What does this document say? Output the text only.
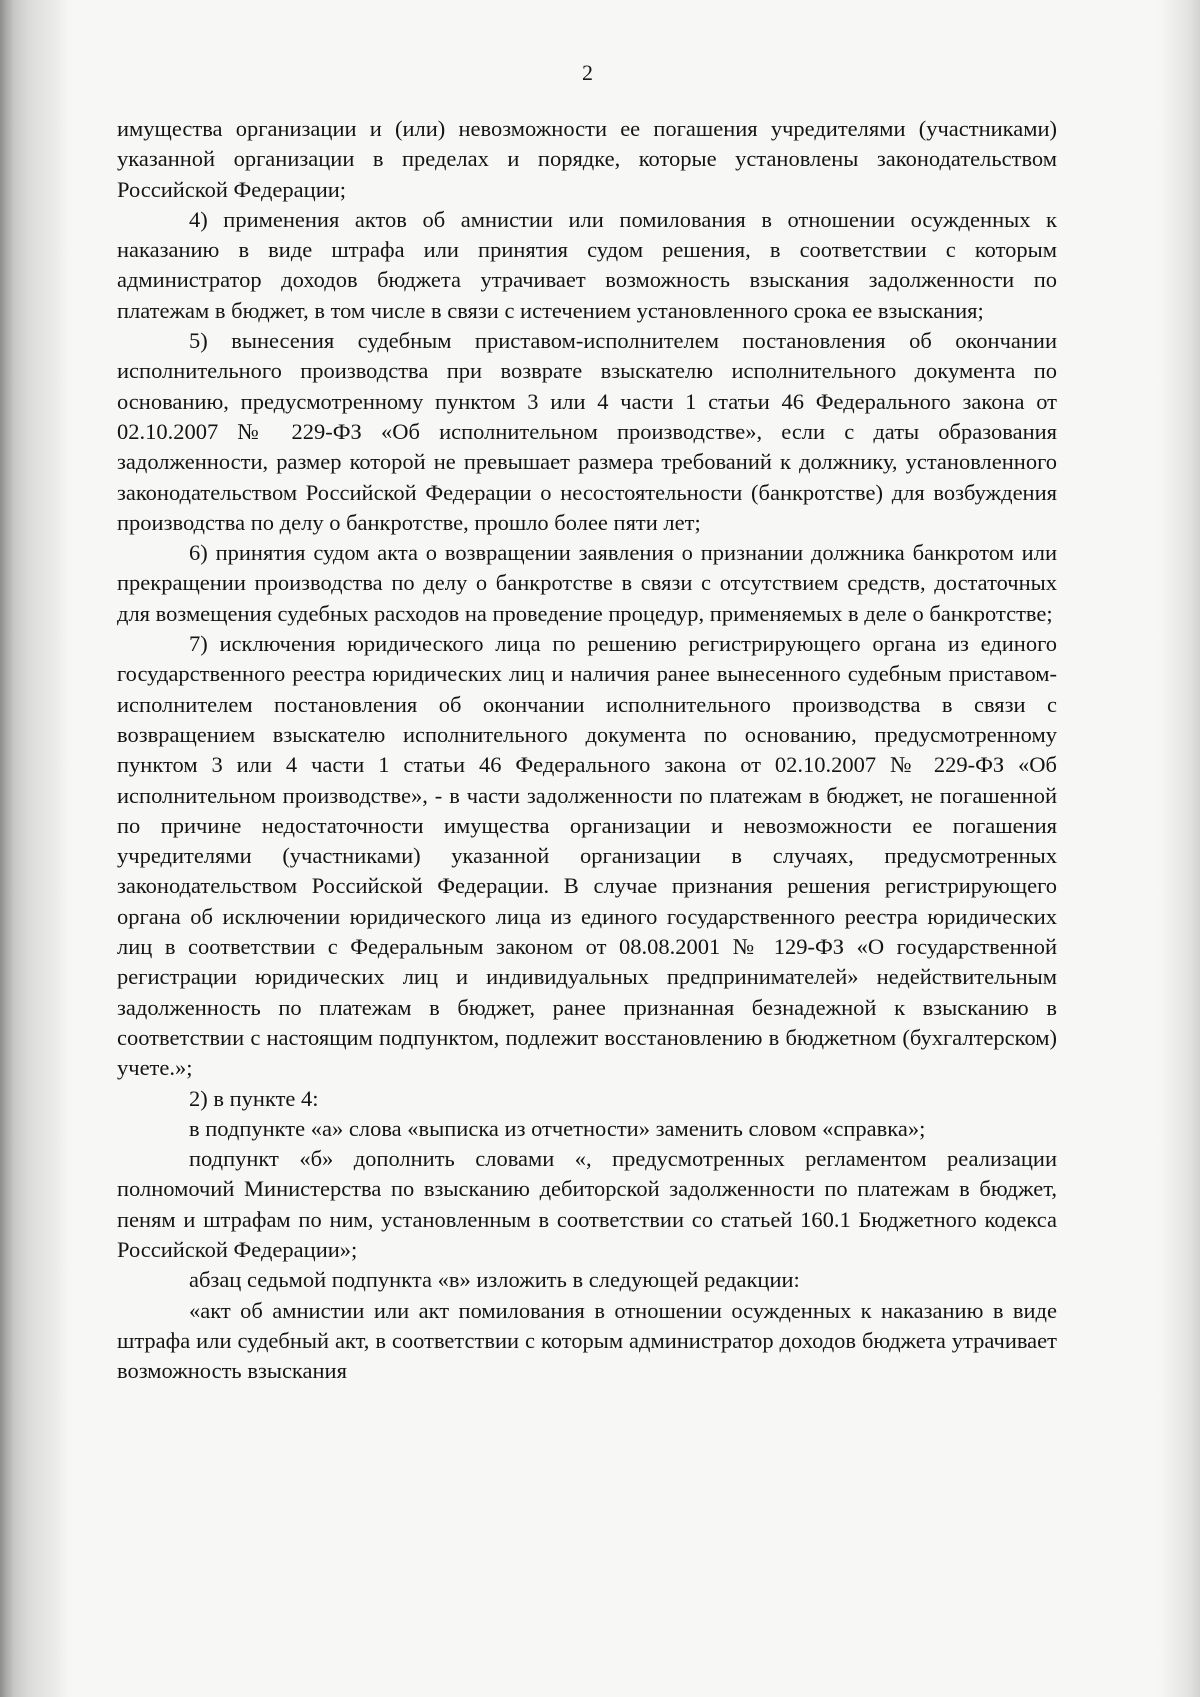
2

имущества организации и (или) невозможности ее погашения учредителями (участниками) указанной организации в пределах и порядке, которые установлены законодательством Российской Федерации;

4) применения актов об амнистии или помилования в отношении осужденных к наказанию в виде штрафа или принятия судом решения, в соответствии с которым администратор доходов бюджета утрачивает возможность взыскания задолженности по платежам в бюджет, в том числе в связи с истечением установленного срока ее взыскания;

5) вынесения судебным приставом-исполнителем постановления об окончании исполнительного производства при возврате взыскателю исполнительного документа по основанию, предусмотренному пунктом 3 или 4 части 1 статьи 46 Федерального закона от 02.10.2007 № 229-ФЗ «Об исполнительном производстве», если с даты образования задолженности, размер которой не превышает размера требований к должнику, установленного законодательством Российской Федерации о несостоятельности (банкротстве) для возбуждения производства по делу о банкротстве, прошло более пяти лет;

6) принятия судом акта о возвращении заявления о признании должника банкротом или прекращении производства по делу о банкротстве в связи с отсутствием средств, достаточных для возмещения судебных расходов на проведение процедур, применяемых в деле о банкротстве;

7) исключения юридического лица по решению регистрирующего органа из единого государственного реестра юридических лиц и наличия ранее вынесенного судебным приставом-исполнителем постановления об окончании исполнительного производства в связи с возвращением взыскателю исполнительного документа по основанию, предусмотренному пунктом 3 или 4 части 1 статьи 46 Федерального закона от 02.10.2007 № 229-ФЗ «Об исполнительном производстве», - в части задолженности по платежам в бюджет, не погашенной по причине недостаточности имущества организации и невозможности ее погашения учредителями (участниками) указанной организации в случаях, предусмотренных законодательством Российской Федерации. В случае признания решения регистрирующего органа об исключении юридического лица из единого государственного реестра юридических лиц в соответствии с Федеральным законом от 08.08.2001 № 129-ФЗ «О государственной регистрации юридических лиц и индивидуальных предпринимателей» недействительным задолженность по платежам в бюджет, ранее признанная безнадежной к взысканию в соответствии с настоящим подпунктом, подлежит восстановлению в бюджетном (бухгалтерском) учете.»;

2) в пункте 4:

в подпункте «а» слова «выписка из отчетности» заменить словом «справка»;

подпункт «б» дополнить словами «, предусмотренных регламентом реализации полномочий Министерства по взысканию дебиторской задолженности по платежам в бюджет, пеням и штрафам по ним, установленным в соответствии со статьей 160.1 Бюджетного кодекса Российской Федерации»;

абзац седьмой подпункта «в» изложить в следующей редакции:

«акт об амнистии или акт помилования в отношении осужденных к наказанию в виде штрафа или судебный акт, в соответствии с которым администратор доходов бюджета утрачивает возможность взыскания
